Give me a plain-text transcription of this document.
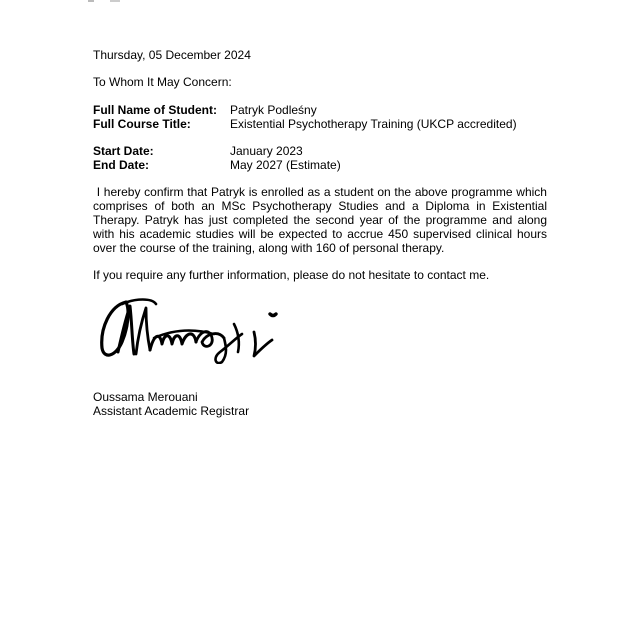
Thursday, 05 December 2024
To Whom It May Concern:
Full Name of Student:	Patryk Podleśny
Full Course Title:	Existential Psychotherapy Training (UKCP accredited)
Start Date:	January 2023
End Date:	May 2027 (Estimate)
I hereby confirm that Patryk is enrolled as a student on the above programme which comprises of both an MSc Psychotherapy Studies and a Diploma in Existential Therapy. Patryk has just completed the second year of the programme and along with his academic studies will be expected to accrue 450 supervised clinical hours over the course of the training, along with 160 of personal therapy.
If you require any further information, please do not hesitate to contact me.
Oussama Merouani
Assistant Academic Registrar
